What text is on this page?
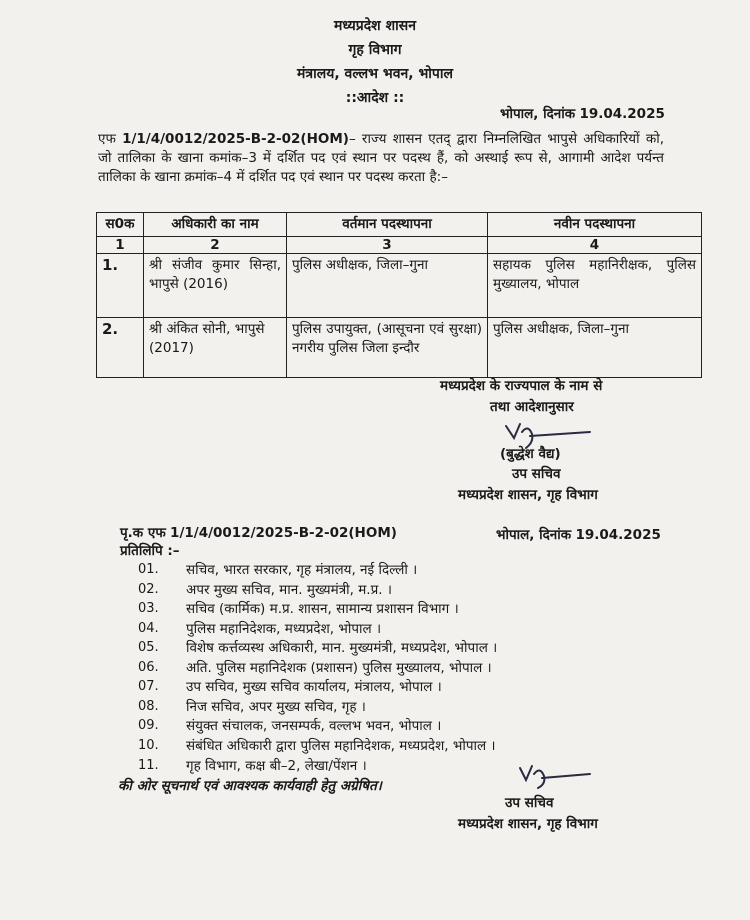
मध्यप्रदेश शासन
गृह विभाग
मंत्रालय, वल्लभ भवन, भोपाल
::आदेश ::
भोपाल, दिनांक 19.04.2025
एफ 1/1/4/0012/2025-B-2-02(HOM)– राज्य शासन एतद् द्वारा निम्नलिखित भापुसे अधिकारियों को, जो तालिका के खाना कमांक–3 में दर्शित पद एवं स्थान पर पदस्थ हैं, को अस्थाई रूप से, आगामी आदेश पर्यन्त तालिका के खाना क्रमांक–4 में दर्शित पद एवं स्थान पर पदस्थ करता है:–
स0क	अधिकारी का नाम	वर्तमान पदस्थापना	नवीन पदस्थापना
1	2	3	4
1.	श्री संजीव कुमार सिन्हा, भापुसे (2016)	पुलिस अधीक्षक, जिला–गुना	सहायक पुलिस महानिरीक्षक, पुलिस मुख्यालय, भोपाल
2.	श्री अंकित सोनी, भापुसे (2017)	पुलिस उपायुक्त, (आसूचना एवं सुरक्षा) नगरीय पुलिस जिला इन्दौर	पुलिस अधीक्षक, जिला–गुना
मध्यप्रदेश के राज्यपाल के नाम से
तथा आदेशानुसार
(बुद्धेश वैद्य)
उप सचिव
मध्यप्रदेश शासन, गृह विभाग
पृ.क एफ 1/1/4/0012/2025-B-2-02(HOM)	भोपाल, दिनांक 19.04.2025
प्रतिलिपि :–
01. सचिव, भारत सरकार, गृह मंत्रालय, नई दिल्ली ।
02. अपर मुख्य सचिव, मान. मुख्यमंत्री, म.प्र. ।
03. सचिव (कार्मिक) म.प्र. शासन, सामान्य प्रशासन विभाग ।
04. पुलिस महानिदेशक, मध्यप्रदेश, भोपाल ।
05. विशेष कर्त्तव्यस्थ अधिकारी, मान. मुख्यमंत्री, मध्यप्रदेश, भोपाल ।
06. अति. पुलिस महानिदेशक (प्रशासन) पुलिस मुख्यालय, भोपाल ।
07. उप सचिव, मुख्य सचिव कार्यालय, मंत्रालय, भोपाल ।
08. निज सचिव, अपर मुख्य सचिव, गृह ।
09. संयुक्त संचालक, जनसम्पर्क, वल्लभ भवन, भोपाल ।
10. संबंधित अधिकारी द्वारा पुलिस महानिदेशक, मध्यप्रदेश, भोपाल ।
11. गृह विभाग, कक्ष बी–2, लेखा/पेंशन ।
की ओर सूचनार्थ एवं आवश्यक कार्यवाही हेतु अग्रेषित।
उप सचिव
मध्यप्रदेश शासन, गृह विभाग
